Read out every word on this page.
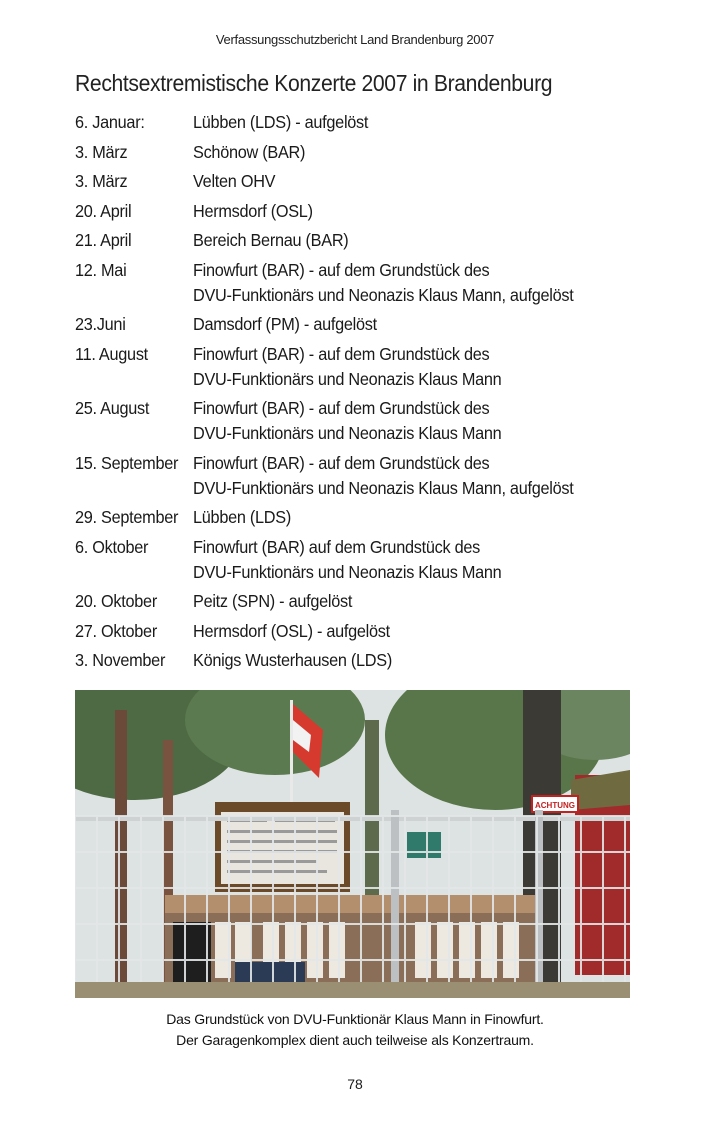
Verfassungsschutzbericht Land Brandenburg 2007
Rechtsextremistische Konzerte 2007 in Brandenburg
6. Januar:	Lübben (LDS) - aufgelöst
3. März	Schönow (BAR)
3. März	Velten OHV
20. April	Hermsdorf (OSL)
21. April	Bereich Bernau (BAR)
12. Mai	Finowfurt (BAR) - auf dem Grundstück des
DVU-Funktionärs und Neonazis Klaus Mann, aufgelöst
23.Juni	Damsdorf (PM) - aufgelöst
11. August	Finowfurt (BAR) - auf dem Grundstück des
DVU-Funktionärs und Neonazis Klaus Mann
25. August	Finowfurt (BAR) - auf dem Grundstück des
DVU-Funktionärs und Neonazis Klaus Mann
15. September Finowfurt (BAR) - auf dem Grundstück des
DVU-Funktionärs und Neonazis Klaus Mann, aufgelöst
29. September Lübben (LDS)
6. Oktober	Finowfurt (BAR) auf dem Grundstück des
DVU-Funktionärs und Neonazis Klaus Mann
20. Oktober	Peitz (SPN) - aufgelöst
27. Oktober	Hermsdorf (OSL) - aufgelöst
3. November	Königs Wusterhausen (LDS)
ACHTUNG
Das Grundstück von DVU-Funktionär Klaus Mann in Finowfurt.
Der Garagenkomplex dient auch teilweise als Konzertraum.
78
